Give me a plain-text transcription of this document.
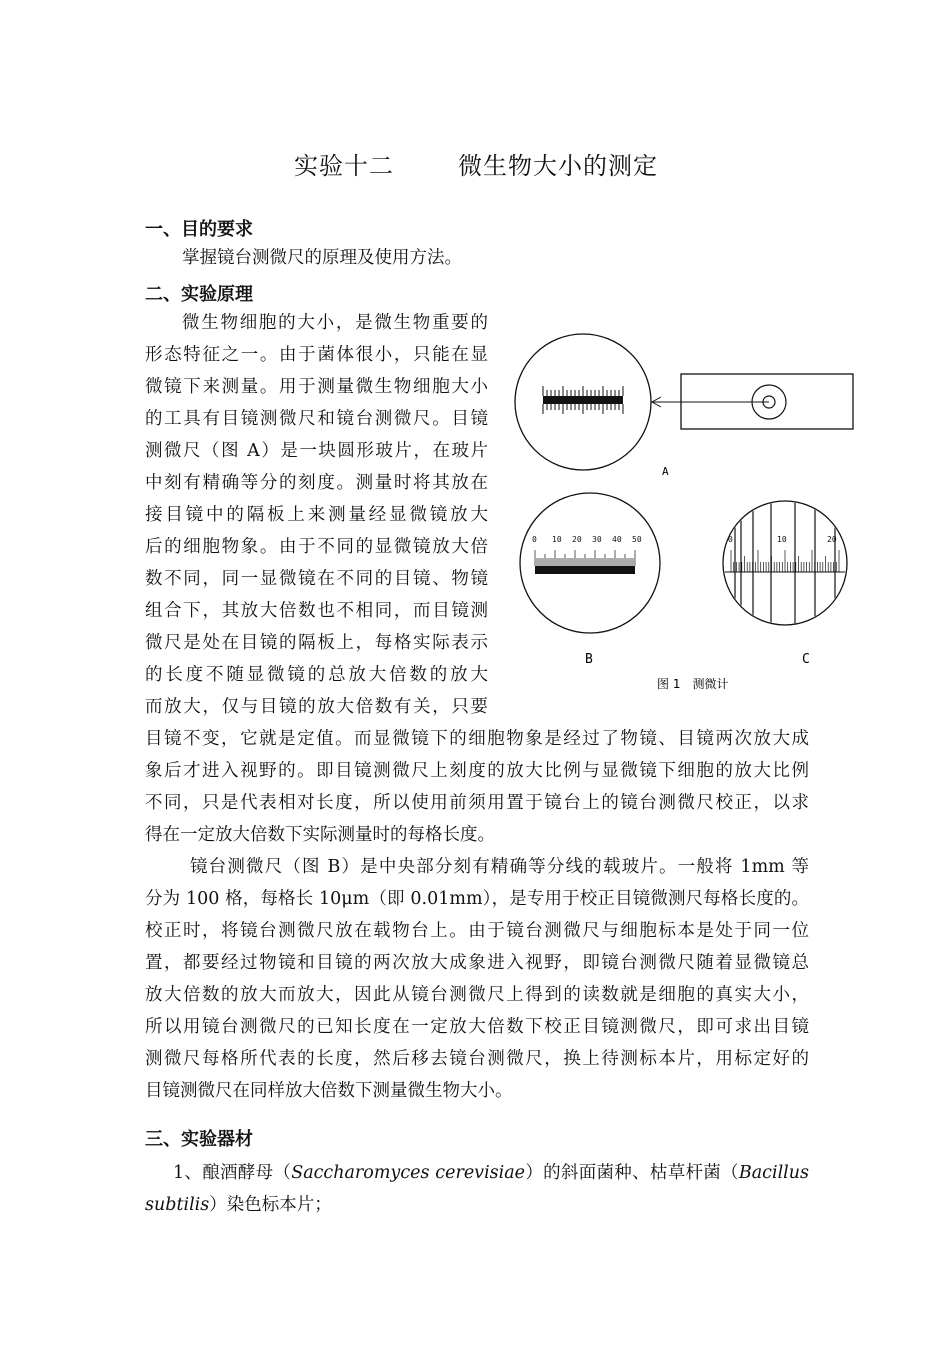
实验十二	微生物大小的测定
一、目的要求

掌握镜台测微尺的原理及使用方法。

二、实验原理

微生物细胞的大小，是微生物重要的

形态特征之一。由于菌体很小，只能在显

微镜下来测量。用于测量微生物细胞大小

的工具有目镜测微尺和镜台测微尺。目镜

测微尺（图 A）是一块圆形玻片，在玻片

中刻有精确等分的刻度。测量时将其放在

接目镜中的隔板上来测量经显微镜放大

后的细胞物象。由于不同的显微镜放大倍

数不同，同一显微镜在不同的目镜、物镜

组合下，其放大倍数也不相同，而目镜测

微尺是处在目镜的隔板上，每格实际表示

的长度不随显微镜的总放大倍数的放大

而放大，仅与目镜的放大倍数有关，只要

目镜不变，它就是定值。而显微镜下的细胞物象是经过了物镜、目镜两次放大成

象后才进入视野的。即目镜测微尺上刻度的放大比例与显微镜下细胞的放大比例

不同，只是代表相对长度，所以使用前须用置于镜台上的镜台测微尺校正，以求

得在一定放大倍数下实际测量时的每格长度。

镜台测微尺（图 B）是中央部分刻有精确等分线的载玻片。一般将 1mm 等

分为 100 格，每格长 10μm（即 0.01mm），是专用于校正目镜微测尺每格长度的。

校正时，将镜台测微尺放在载物台上。由于镜台测微尺与细胞标本是处于同一位

置，都要经过物镜和目镜的两次放大成象进入视野，即镜台测微尺随着显微镜总

放大倍数的放大而放大，因此从镜台测微尺上得到的读数就是细胞的真实大小，

所以用镜台测微尺的已知长度在一定放大倍数下校正目镜测微尺，即可求出目镜

测微尺每格所代表的长度，然后移去镜台测微尺，换上待测标本片，用标定好的

目镜测微尺在同样放大倍数下测量微生物大小。

三、实验器材

1、酿酒酵母（Saccharomyces cerevisiae）的斜面菌种、枯草杆菌（Bacillus

subtilis）染色标本片；

A
0 10 20 30 40 50
B	C
图 1　测微计
0	10	20
